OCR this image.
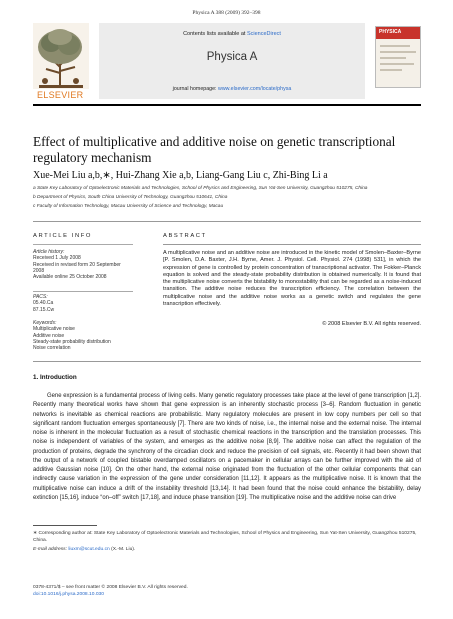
Physica A 388 (2009) 392–398
ELSEVIER
Contents lists available at ScienceDirect
Physica A
journal homepage: www.elsevier.com/locate/physa
PHYSICA
Effect of multiplicative and additive noise on genetic transcriptional regulatory mechanism
Xue-Mei Liu a,b,∗, Hui-Zhang Xie a,b, Liang-Gang Liu c, Zhi-Bing Li a
a State Key Laboratory of Optoelectronic Materials and Technologies, School of Physics and Engineering, Sun Yat-Sen University, Guangzhou 510275, China
b Department of Physics, South China University of Technology, Guangzhou 510641, China
c Faculty of Information Technology, Macau University of Science and Technology, Macau
ARTICLE INFO	ABSTRACT
Article history:
Received 1 July 2008
Received in revised form 20 September 2008
Available online 25 October 2008
PACS:
05.40.Ca
87.15.Cw
Keywords:
Multiplicative noise
Additive noise
Steady-state probability distribution
Noise correlation
A multiplicative noise and an additive noise are introduced in the kinetic model of Smolen–Baxter–Byrne [P. Smolen, D.A. Baxter, J.H. Byrne, Amer. J. Physiol. Cell. Physiol. 274 (1998) 531], in which the expression of gene is controlled by protein concentration of transcriptional activator. The Fokker–Planck equation is solved and the steady-state probability distribution is obtained numerically. It is found that the multiplicative noise converts the bistability to monostability that can be regarded as a noise-induced transition. The additive noise reduces the transcription efficiency. The correlation between the multiplicative noise and the additive noise works as a genetic switch and regulates the gene transcription effectively.
© 2008 Elsevier B.V. All rights reserved.
1. Introduction
Gene expression is a fundamental process of living cells. Many genetic regulatory processes take place at the level of gene transcription [1,2]. Recently many theoretical works have shown that gene expression is an inherently stochastic process [3–6]. Random fluctuation in genetic networks is inevitable as chemical reactions are probabilistic. Many regulatory molecules are present in low copy numbers per cell so that significant random fluctuation emerges spontaneously [7]. There are two kinds of noise, i.e., the internal noise and the external noise. The internal noise is inherent in the molecular fluctuation as a result of stochastic chemical reactions in the transcription and the translation processes. This noise is independent of variables of the system, and emerges as the additive noise [8,9]. The additive noise can affect the regulation of the production of proteins, degrade the synchrony of the circadian clock and reduce the precision of cell signals, etc. Recently it had been shown that the output of a network of coupled bistable overdamped oscillators on a pacemaker in cellular arrays can be further improved with the aid of additive Gaussian noise [10]. On the other hand, the external noise originated from the fluctuation of the other cellular components that can indirectly cause variation in the expression of the gene under consideration [11,12]. It appears as the multiplicative noise. It is known that the multiplicative noise can induce a drift of the instability threshold [13,14]. It had been found that the noise could enhance the bistability, delay extinction [15,16], induce “on–off” switch [17,18], and induce phase transition [19]. The multiplicative noise and the additive noise can drive
∗ Corresponding author at: State Key Laboratory of Optoelectronic Materials and Technologies, School of Physics and Engineering, Sun Yat-Sen University, Guangzhou 510275, China.
E-mail address: liuxm@scut.edu.cn (X.-M. Liu).
0378-4371/$ – see front matter © 2008 Elsevier B.V. All rights reserved.
doi:10.1016/j.physa.2008.10.030
